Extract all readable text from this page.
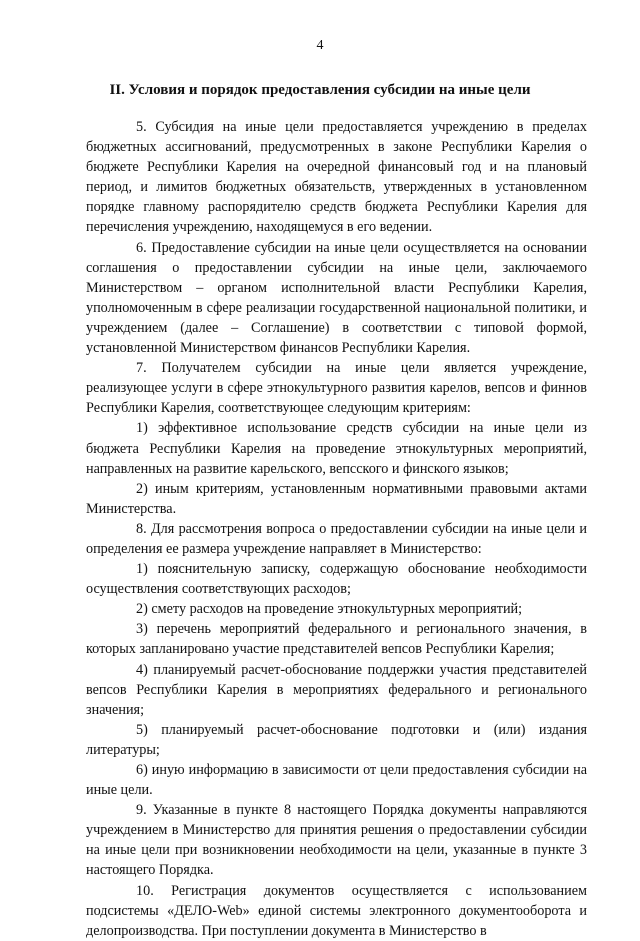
4
II. Условия и порядок предоставления субсидии на иные цели

5. Субсидия на иные цели предоставляется учреждению в пределах бюджетных ассигнований, предусмотренных в законе Республики Карелия о бюджете Республики Карелия на очередной финансовый год и на плановый период, и лимитов бюджетных обязательств, утвержденных в установленном порядке главному распорядителю средств бюджета Республики Карелия для перечисления учреждению, находящемуся в его ведении.

6. Предоставление субсидии на иные цели осуществляется на основании соглашения о предоставлении субсидии на иные цели, заключаемого Министерством – органом исполнительной власти Республики Карелия, уполномоченным в сфере реализации государственной национальной политики, и учреждением (далее – Соглашение) в соответствии с типовой формой, установленной Министерством финансов Республики Карелия.

7. Получателем субсидии на иные цели является учреждение, реализующее услуги в сфере этнокультурного развития карелов, вепсов и финнов Республики Карелия, соответствующее следующим критериям:

1) эффективное использование средств субсидии на иные цели из бюджета Республики Карелия на проведение этнокультурных мероприятий, направленных на развитие карельского, вепсского и финского языков;

2) иным критериям, установленным нормативными правовыми актами Министерства.

8. Для рассмотрения вопроса о предоставлении субсидии на иные цели и определения ее размера учреждение направляет в Министерство:

1) пояснительную записку, содержащую обоснование необходимости осуществления соответствующих расходов;

2) смету расходов на проведение этнокультурных мероприятий;

3) перечень мероприятий федерального и регионального значения, в которых запланировано участие представителей вепсов Республики Карелия;

4) планируемый расчет-обоснование поддержки участия представителей вепсов Республики Карелия в мероприятиях федерального и регионального значения;

5) планируемый расчет-обоснование подготовки и (или) издания литературы;

6) иную информацию в зависимости от цели предоставления субсидии на иные цели.

9. Указанные в пункте 8 настоящего Порядка документы направляются учреждением в Министерство для принятия решения о предоставлении субсидии на иные цели при возникновении необходимости на цели, указанные в пункте 3 настоящего Порядка.

10. Регистрация документов осуществляется с использованием подсистемы «ДЕЛО-Web» единой системы электронного документооборота и делопроизводства. При поступлении документа в Министерство в
